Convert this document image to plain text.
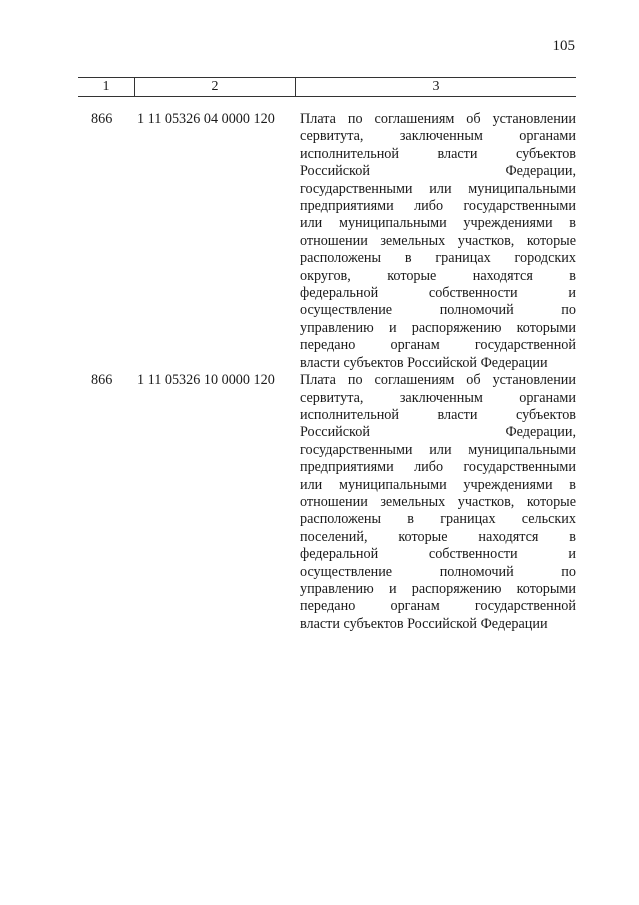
105
1	2	3
866	1 11 05326 04 0000 120	Плата по соглашениям об установлении
сервитута, заключенным органами
исполнительной власти субъектов
Российской Федерации,
государственными или муниципальными
предприятиями либо государственными
или муниципальными учреждениями в
отношении земельных участков, которые
расположены в границах городских
округов, которые находятся в
федеральной собственности и
осуществление полномочий по
управлению и распоряжению которыми
передано органам государственной
власти субъектов Российской Федерации
866	1 11 05326 10 0000 120	Плата по соглашениям об установлении
сервитута, заключенным органами
исполнительной власти субъектов
Российской Федерации,
государственными или муниципальными
предприятиями либо государственными
или муниципальными учреждениями в
отношении земельных участков, которые
расположены в границах сельских
поселений, которые находятся в
федеральной собственности и
осуществление полномочий по
управлению и распоряжению которыми
передано органам государственной
власти субъектов Российской Федерации
